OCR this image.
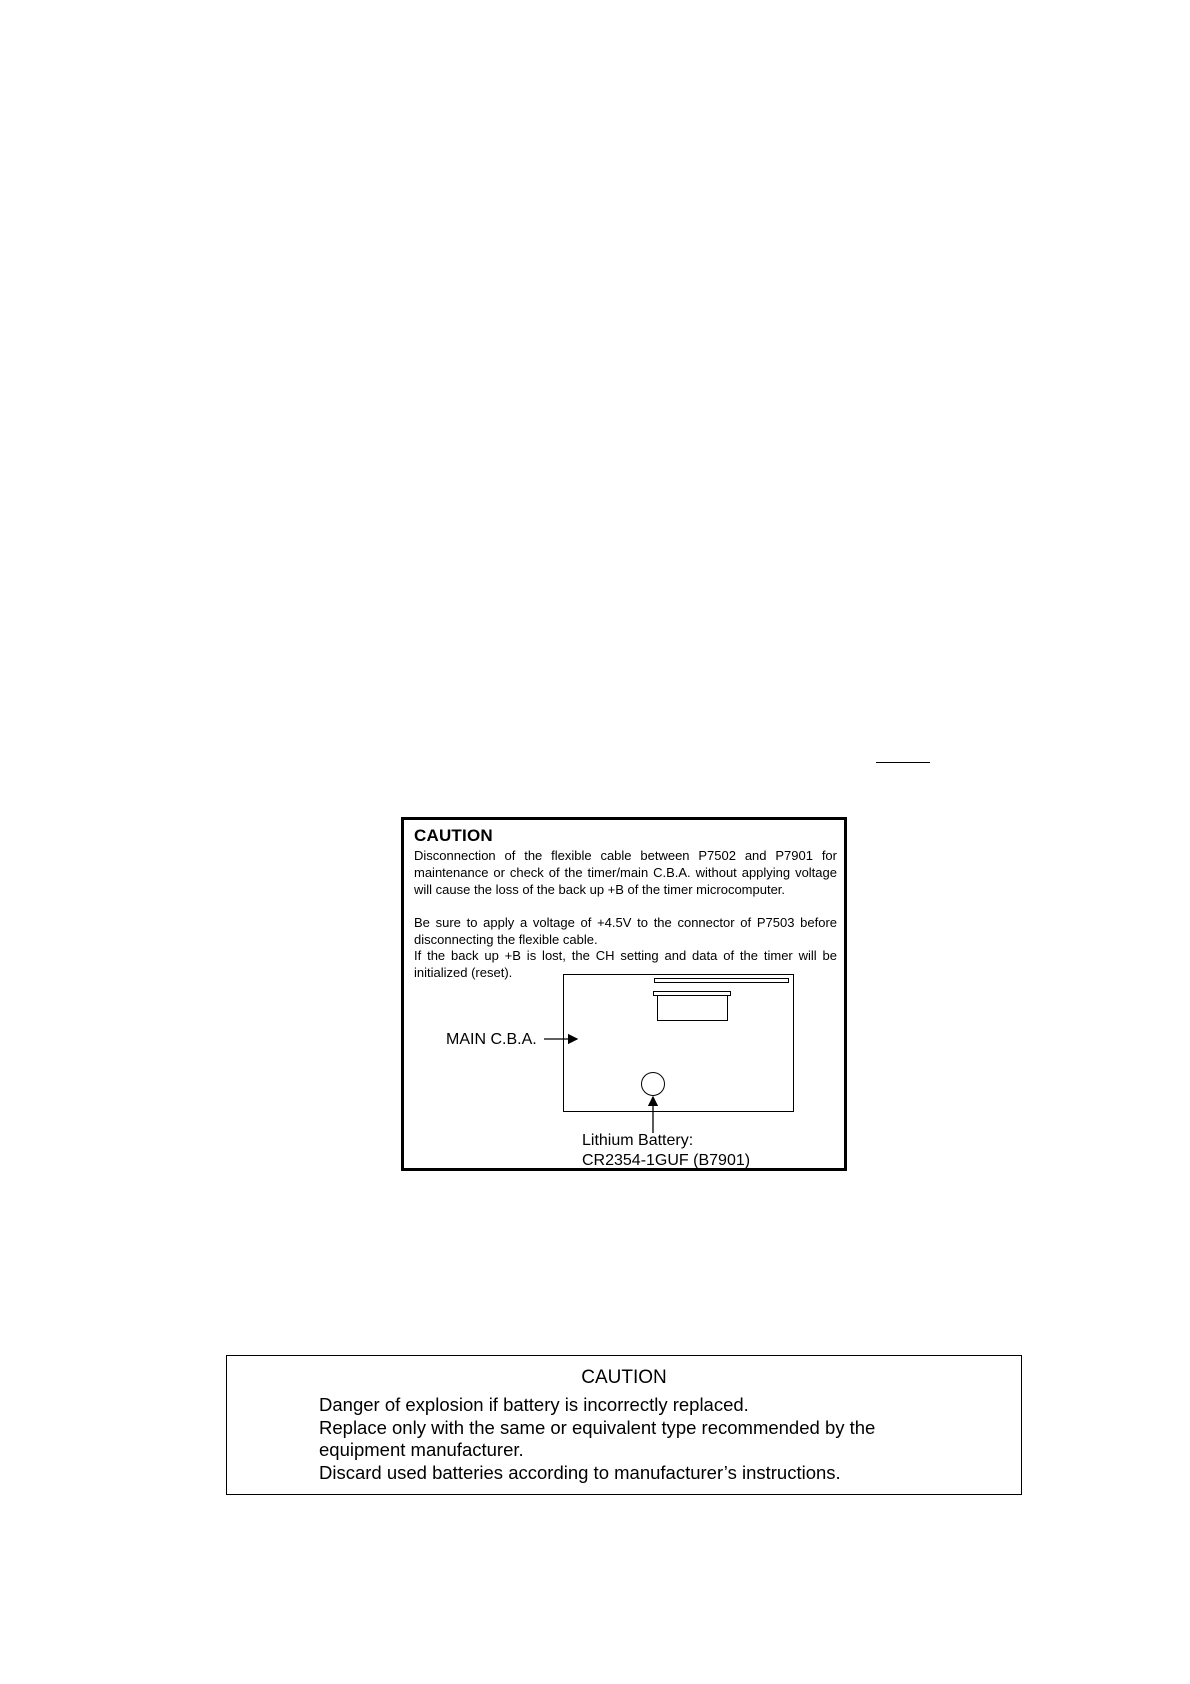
CAUTION

Disconnection of the flexible cable between P7502 and P7901 for maintenance or check of the timer/main C.B.A. without applying voltage will cause the loss of the back up +B of the timer microcomputer.

Be sure to apply a voltage of +4.5V to the connector of P7503 before disconnecting the flexible cable.

If the back up +B is lost, the CH setting and data of the timer will be initialized (reset).

MAIN C.B.A.
Lithium Battery:
CR2354-1GUF (B7901)
CAUTION
Danger of explosion if battery is incorrectly replaced.
Replace only with the same or equivalent type recommended by the
equipment manufacturer.
Discard used batteries according to manufacturer’s instructions.
